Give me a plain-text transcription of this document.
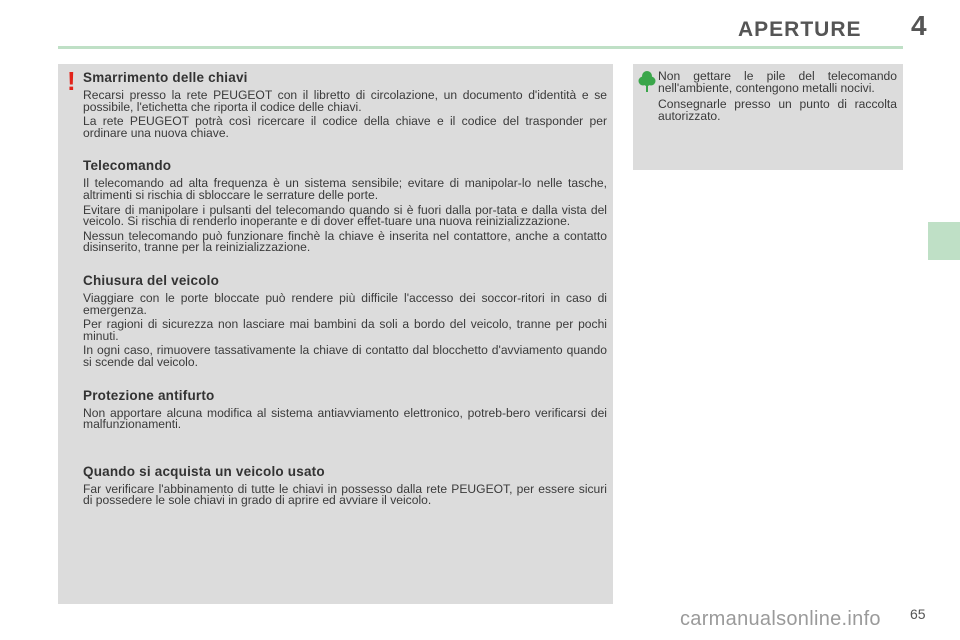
APERTURE 4
! Smarrimento delle chiavi

Recarsi presso la rete PEUGEOT con il libretto di circolazione, un documento d'identità e se possibile, l'etichetta che riporta il codice delle chiavi.

La rete PEUGEOT potrà così ricercare il codice della chiave e il codice del trasponder per ordinare una nuova chiave.

Telecomando

Il telecomando ad alta frequenza è un sistema sensibile; evitare di manipolar-lo nelle tasche, altrimenti si rischia di sbloccare le serrature delle porte.

Evitare di manipolare i pulsanti del telecomando quando si è fuori dalla por-tata e dalla vista del veicolo. Si rischia di renderlo inoperante e di dover effet-tuare una nuova reinizializzazione.

Nessun telecomando può funzionare finchè la chiave è inserita nel contattore, anche a contatto disinserito, tranne per la reinizializzazione.

Chiusura del veicolo

Viaggiare con le porte bloccate può rendere più difficile l'accesso dei soccor-ritori in caso di emergenza.

Per ragioni di sicurezza non lasciare mai bambini da soli a bordo del veicolo, tranne per pochi minuti.

In ogni caso, rimuovere tassativamente la chiave di contatto dal blocchetto d'avviamento quando si scende dal veicolo.

Protezione antifurto

Non apportare alcuna modifica al sistema antiavviamento elettronico, potreb-bero verificarsi dei malfunzionamenti.

Quando si acquista un veicolo usato

Far verificare l'abbinamento di tutte le chiavi in possesso dalla rete PEUGEOT, per essere sicuri di possedere le sole chiavi in grado di aprire ed avviare il veicolo.

Non gettare le pile del telecomando nell'ambiente, contengono metalli nocivi.

Consegnarle presso un punto di raccolta autorizzato.

carmanualsonline.info 65
